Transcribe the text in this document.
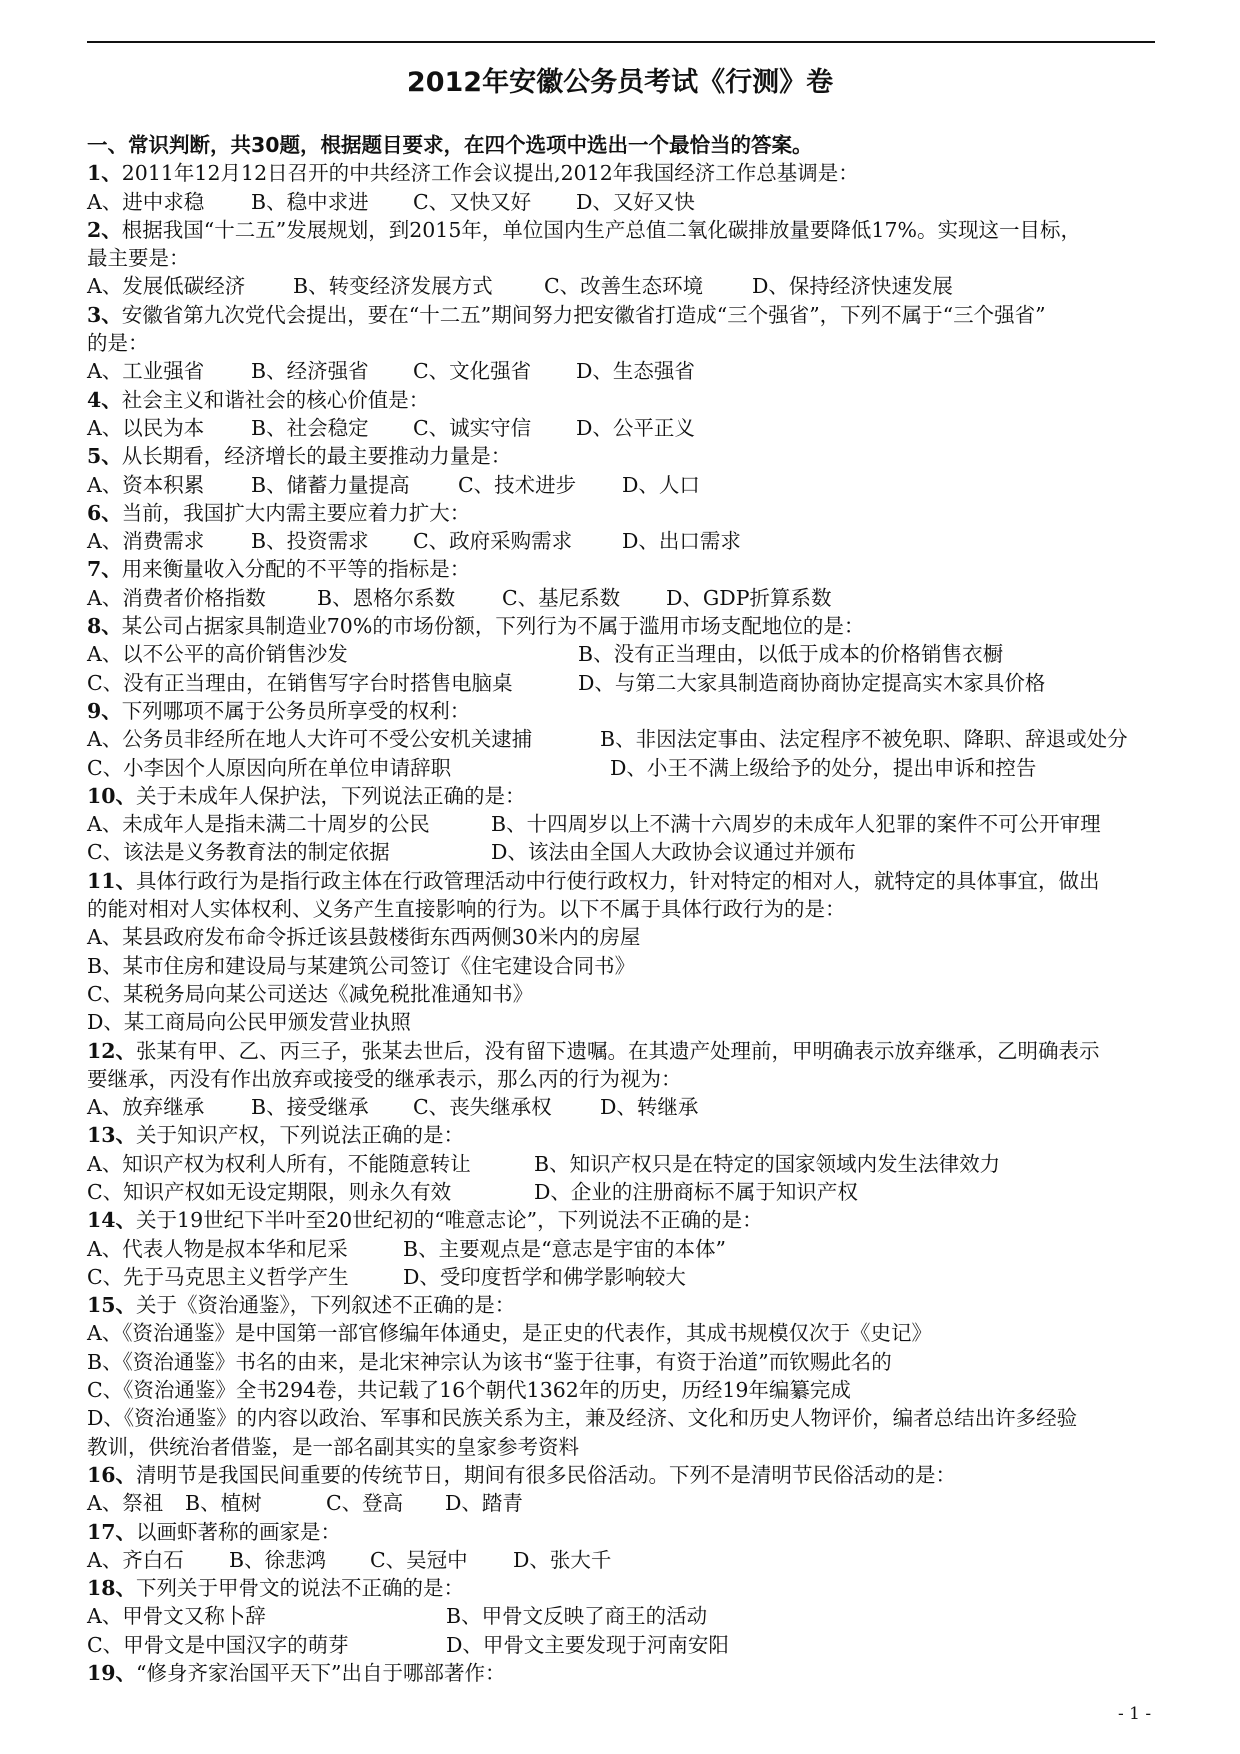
2012年安徽公务员考试《行测》卷
一、常识判断，共30题，根据题目要求，在四个选项中选出一个最恰当的答案。
1、2011年12月12日召开的中共经济工作会议提出,2012年我国经济工作总基调是：
A、进中求稳 B、稳中求进 C、又快又好 D、又好又快
2、根据我国“十二五”发展规划，到2015年，单位国内生产总值二氧化碳排放量要降低17%。实现这一目标，
最主要是：
A、发展低碳经济 B、转变经济发展方式	C、改善生态环境 D、保持经济快速发展
3、安徽省第九次党代会提出，要在“十二五”期间努力把安徽省打造成“三个强省”，下列不属于“三个强省”
的是：
A、工业强省 B、经济强省 C、文化强省 D、生态强省
4、社会主义和谐社会的核心价值是：
A、以民为本 B、社会稳定 C、诚实守信 D、公平正义
5、从长期看，经济增长的最主要推动力量是：
A、资本积累 B、储蓄力量提高 C、技术进步 D、人口
6、当前，我国扩大内需主要应着力扩大：
A、消费需求 B、投资需求 C、政府采购需求 D、出口需求
7、用来衡量收入分配的不平等的指标是：
A、消费者价格指数 B、恩格尔系数 C、基尼系数 D、GDP折算系数
8、某公司占据家具制造业70%的市场份额，下列行为不属于滥用市场支配地位的是：
A、以不公平的高价销售沙发	B、没有正当理由，以低于成本的价格销售衣橱
C、没有正当理由，在销售写字台时搭售电脑桌	D、与第二大家具制造商协商协定提高实木家具价格
9、下列哪项不属于公务员所享受的权利：
A、公务员非经所在地人大许可不受公安机关逮捕	B、非因法定事由、法定程序不被免职、降职、辞退或处分
C、小李因个人原因向所在单位申请辞职	D、小王不满上级给予的处分，提出申诉和控告
10、关于未成年人保护法，下列说法正确的是：
A、未成年人是指未满二十周岁的公民	B、十四周岁以上不满十六周岁的未成年人犯罪的案件不可公开审理
C、该法是义务教育法的制定依据	D、该法由全国人大政协会议通过并颁布
11、具体行政行为是指行政主体在行政管理活动中行使行政权力，针对特定的相对人，就特定的具体事宜，做出
的能对相对人实体权利、义务产生直接影响的行为。以下不属于具体行政行为的是：
A、某县政府发布命令拆迁该县鼓楼街东西两侧30米内的房屋
B、某市住房和建设局与某建筑公司签订《住宅建设合同书》
C、某税务局向某公司送达《减免税批准通知书》
D、某工商局向公民甲颁发营业执照
12、张某有甲、乙、丙三子，张某去世后，没有留下遗嘱。在其遗产处理前，甲明确表示放弃继承，乙明确表示
要继承，丙没有作出放弃或接受的继承表示，那么丙的行为视为：
A、放弃继承 B、接受继承 C、丧失继承权 D、转继承
13、关于知识产权，下列说法正确的是：
A、知识产权为权利人所有，不能随意转让	B、知识产权只是在特定的国家领域内发生法律效力
C、知识产权如无设定期限，则永久有效	D、企业的注册商标不属于知识产权
14、关于19世纪下半叶至20世纪初的“唯意志论”，下列说法不正确的是：
A、代表人物是叔本华和尼采	B、主要观点是“意志是宇宙的本体”
C、先于马克思主义哲学产生	D、受印度哲学和佛学影响较大
15、关于《资治通鉴》，下列叙述不正确的是：
A、《资治通鉴》是中国第一部官修编年体通史，是正史的代表作，其成书规模仅次于《史记》
B、《资治通鉴》书名的由来，是北宋神宗认为该书“鉴于往事，有资于治道”而钦赐此名的
C、《资治通鉴》全书294卷，共记载了16个朝代1362年的历史，历经19年编纂完成
D、《资治通鉴》的内容以政治、军事和民族关系为主，兼及经济、文化和历史人物评价，编者总结出许多经验
教训，供统治者借鉴，是一部名副其实的皇家参考资料
16、清明节是我国民间重要的传统节日，期间有很多民俗活动。下列不是清明节民俗活动的是：
A、祭祖 B、植树	C、登高 D、踏青
17、以画虾著称的画家是：
A、齐白石 B、徐悲鸿 C、吴冠中 D、张大千
18、下列关于甲骨文的说法不正确的是：
A、甲骨文又称卜辞	B、甲骨文反映了商王的活动
C、甲骨文是中国汉字的萌芽	D、甲骨文主要发现于河南安阳
19、“修身齐家治国平天下”出自于哪部著作：
- 1 -
